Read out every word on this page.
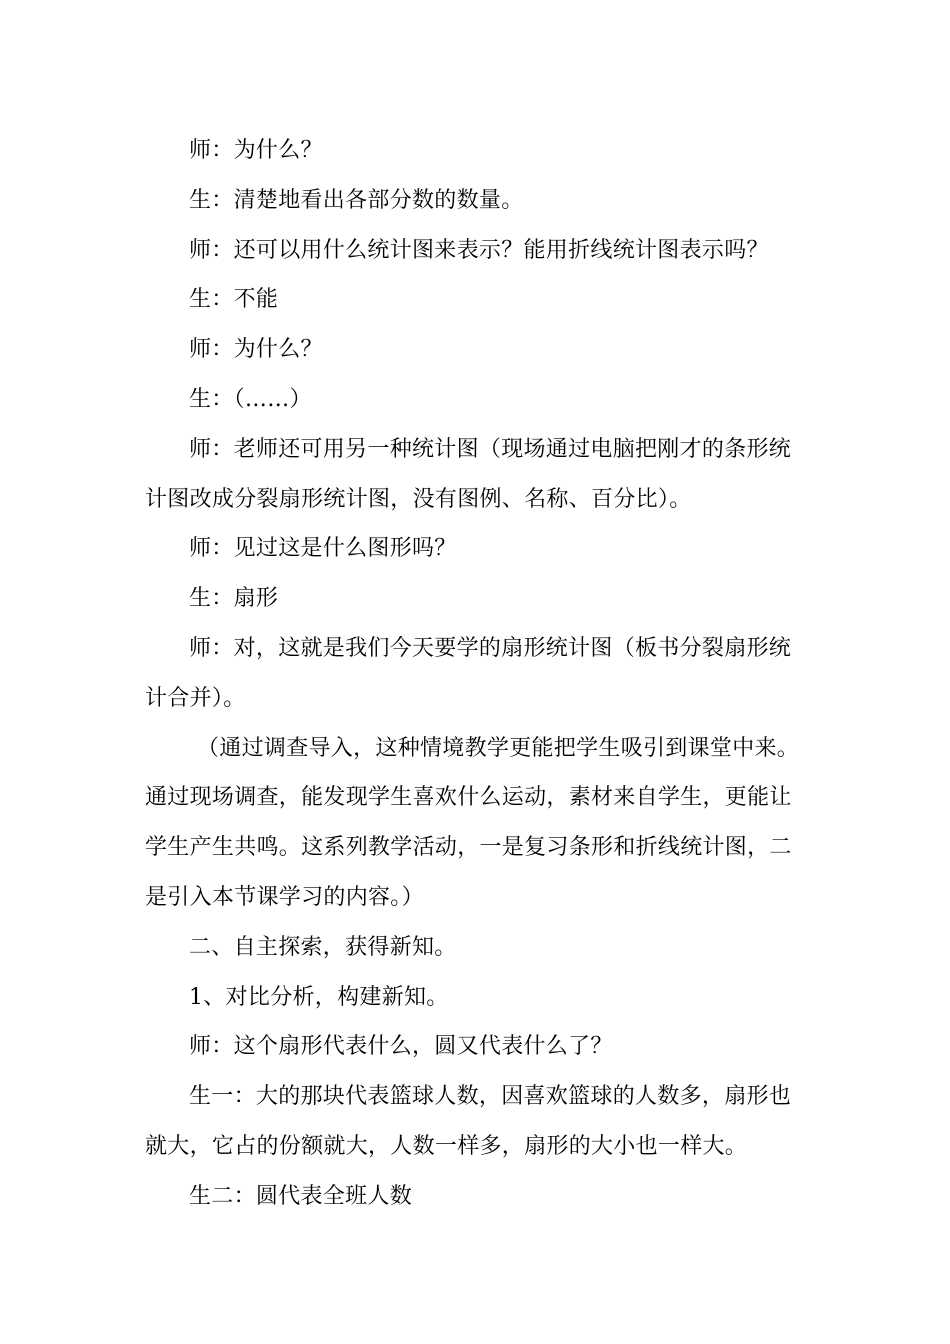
师：为什么？

生：清楚地看出各部分数的数量。

师：还可以用什么统计图来表示？能用折线统计图表示吗？

生：不能

师：为什么？

生：（……）

师：老师还可用另一种统计图（现场通过电脑把刚才的条形统计图改成分裂扇形统计图，没有图例、名称、百分比）。

师：见过这是什么图形吗？

生：扇形

师：对，这就是我们今天要学的扇形统计图（板书分裂扇形统计合并）。

（通过调查导入，这种情境教学更能把学生吸引到课堂中来。通过现场调查，能发现学生喜欢什么运动，素材来自学生，更能让学生产生共鸣。这系列教学活动，一是复习条形和折线统计图，二是引入本节课学习的内容。）

二、自主探索，获得新知。

1、对比分析，构建新知。

师：这个扇形代表什么，圆又代表什么了？

生一：大的那块代表篮球人数，因喜欢篮球的人数多，扇形也就大，它占的份额就大，人数一样多，扇形的大小也一样大。

生二：圆代表全班人数
